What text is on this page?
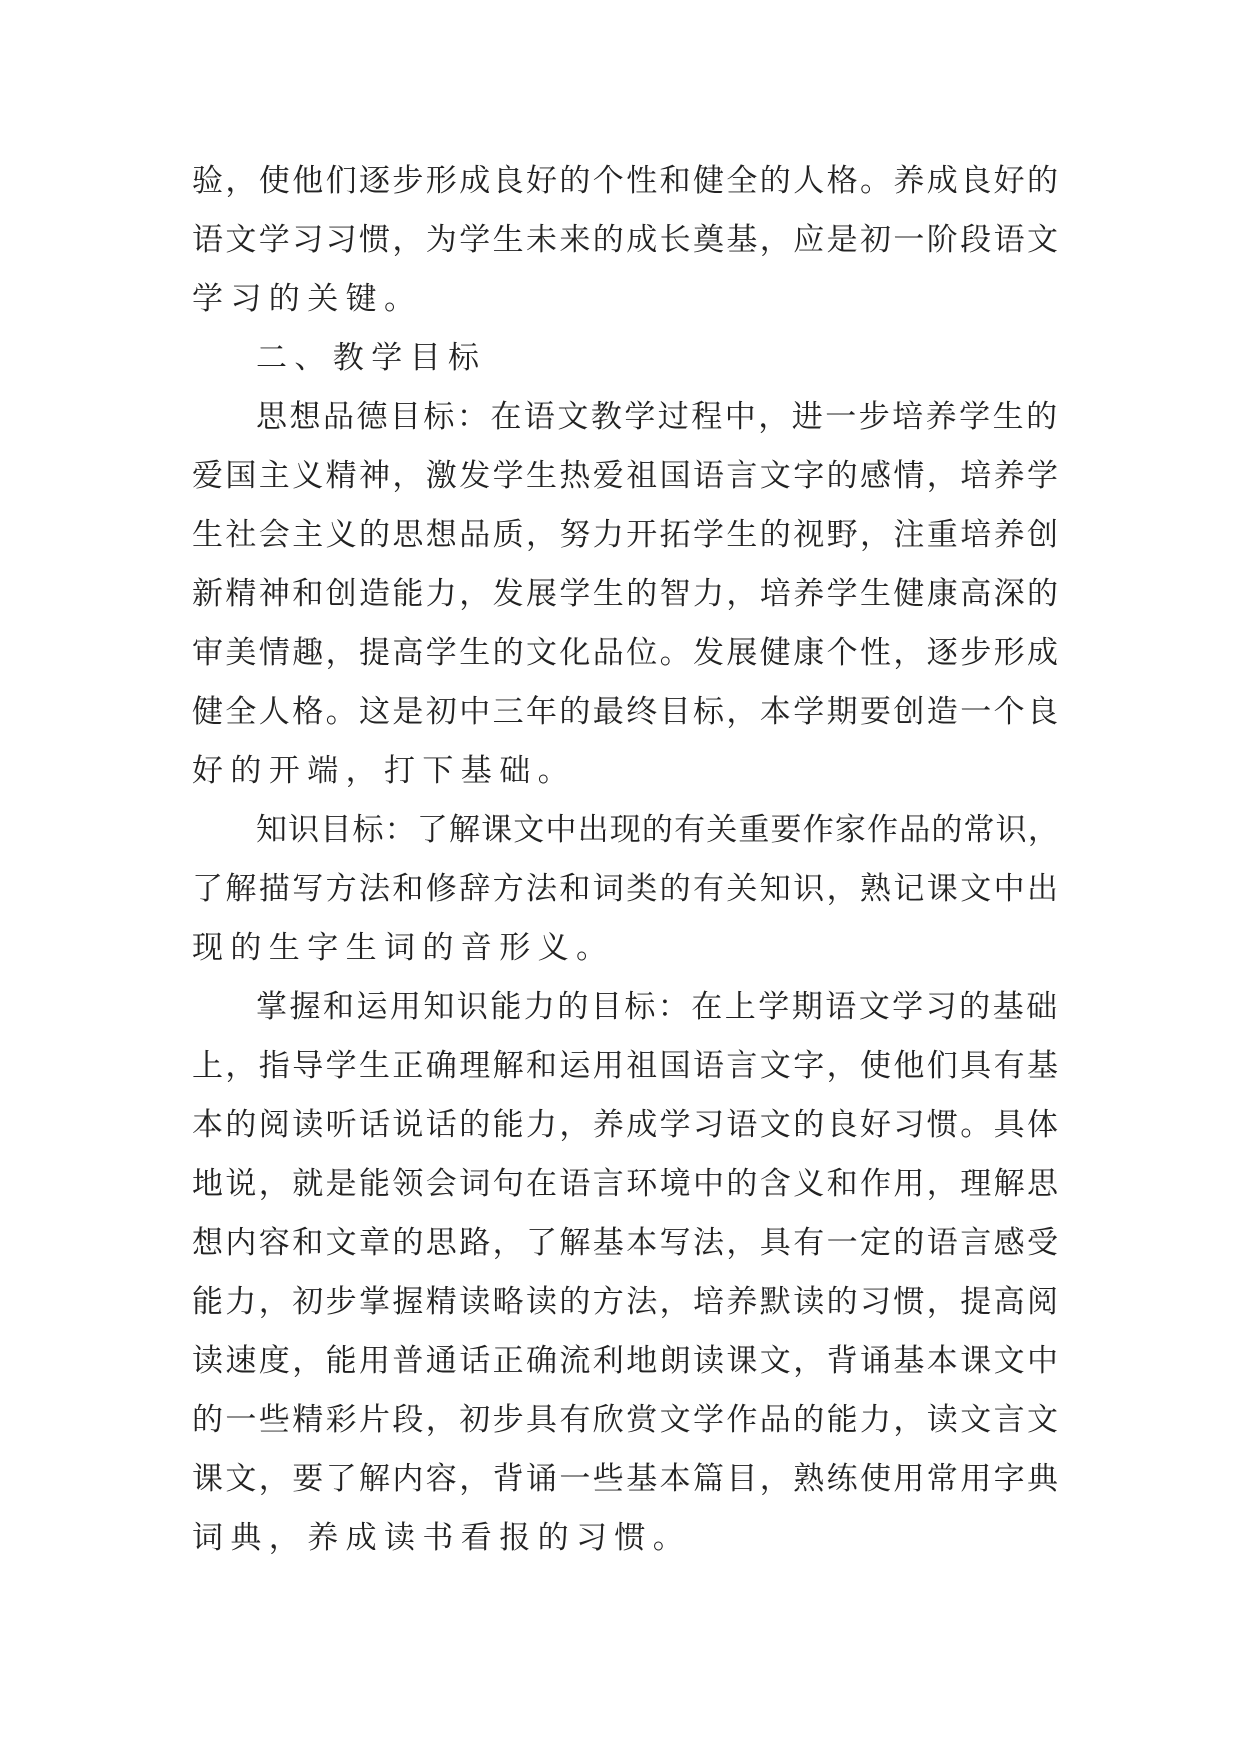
验，使他们逐步形成良好的个性和健全的人格。养成良好的
语文学习习惯，为学生未来的成长奠基，应是初一阶段语文
学习的关键。
二、教学目标
思想品德目标：在语文教学过程中，进一步培养学生的
爱国主义精神，激发学生热爱祖国语言文字的感情，培养学
生社会主义的思想品质，努力开拓学生的视野，注重培养创
新精神和创造能力，发展学生的智力，培养学生健康高深的
审美情趣，提高学生的文化品位。发展健康个性，逐步形成
健全人格。这是初中三年的最终目标，本学期要创造一个良
好的开端，打下基础。
知识目标：了解课文中出现的有关重要作家作品的常识，
了解描写方法和修辞方法和词类的有关知识，熟记课文中出
现的生字生词的音形义。
掌握和运用知识能力的目标：在上学期语文学习的基础
上，指导学生正确理解和运用祖国语言文字，使他们具有基
本的阅读听话说话的能力，养成学习语文的良好习惯。具体
地说，就是能领会词句在语言环境中的含义和作用，理解思
想内容和文章的思路，了解基本写法，具有一定的语言感受
能力，初步掌握精读略读的方法，培养默读的习惯，提高阅
读速度，能用普通话正确流利地朗读课文，背诵基本课文中
的一些精彩片段，初步具有欣赏文学作品的能力，读文言文
课文，要了解内容，背诵一些基本篇目，熟练使用常用字典
词典，养成读书看报的习惯。
